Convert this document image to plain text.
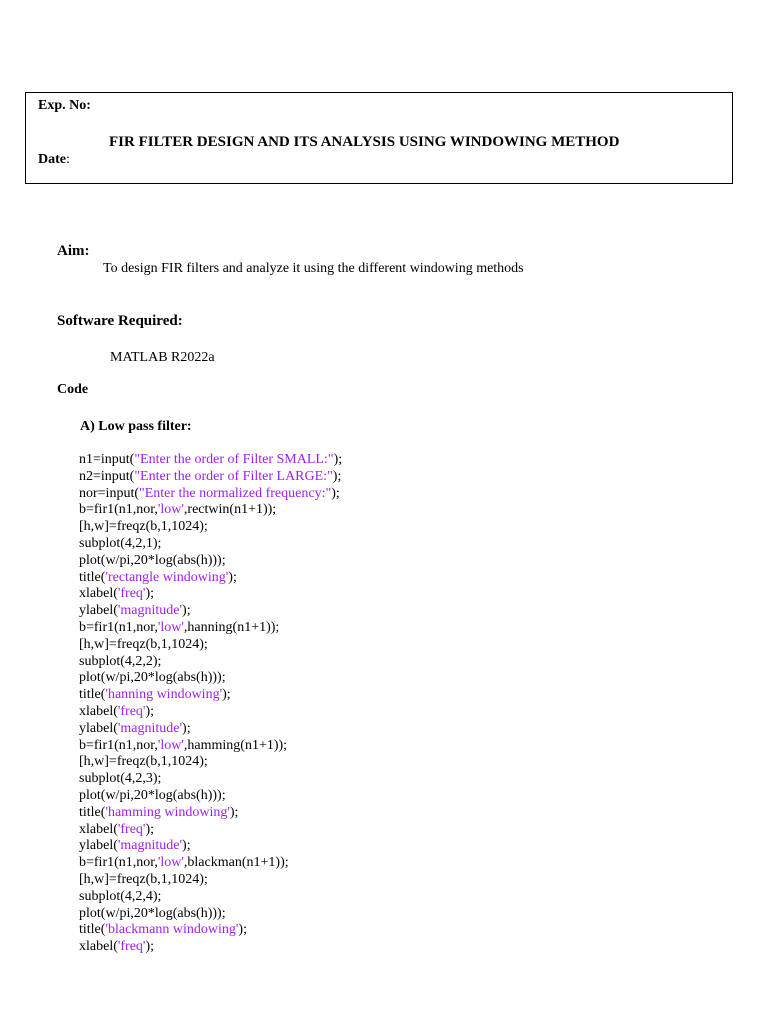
Exp. No:
FIR FILTER DESIGN AND ITS ANALYSIS USING WINDOWING METHOD
Date:
Aim:
To design FIR filters and analyze it using the different windowing methods
Software Required:
MATLAB R2022a
Code
A) Low pass filter:
n1=input("Enter the order of Filter SMALL:");
n2=input("Enter the order of Filter LARGE:");
nor=input("Enter the normalized frequency:");
b=fir1(n1,nor,'low',rectwin(n1+1));
[h,w]=freqz(b,1,1024);
subplot(4,2,1);
plot(w/pi,20*log(abs(h)));
title('rectangle windowing');
xlabel('freq');
ylabel('magnitude');
b=fir1(n1,nor,'low',hanning(n1+1));
[h,w]=freqz(b,1,1024);
subplot(4,2,2);
plot(w/pi,20*log(abs(h)));
title('hanning windowing');
xlabel('freq');
ylabel('magnitude');
b=fir1(n1,nor,'low',hamming(n1+1));
[h,w]=freqz(b,1,1024);
subplot(4,2,3);
plot(w/pi,20*log(abs(h)));
title('hamming windowing');
xlabel('freq');
ylabel('magnitude');
b=fir1(n1,nor,'low',blackman(n1+1));
[h,w]=freqz(b,1,1024);
subplot(4,2,4);
plot(w/pi,20*log(abs(h)));
title('blackmann windowing');
xlabel('freq');
